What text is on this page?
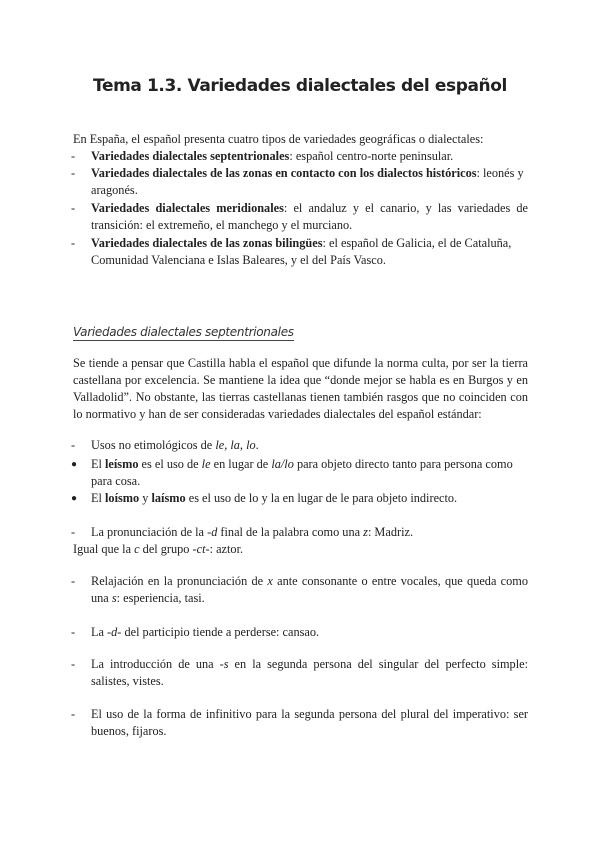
Tema 1.3. Variedades dialectales del español
En España, el español presenta cuatro tipos de variedades geográficas o dialectales:
-	Variedades dialectales septentrionales: español centro-norte peninsular.
-	Variedades dialectales de las zonas en contacto con los dialectos históricos: leonés y aragonés.
-	Variedades dialectales meridionales: el andaluz y el canario, y las variedades de transición: el extremeño, el manchego y el murciano.
-	Variedades dialectales de las zonas bilingües: el español de Galicia, el de Cataluña, Comunidad Valenciana e Islas Baleares, y el del País Vasco.
Variedades dialectales septentrionales
Se tiende a pensar que Castilla habla el español que difunde la norma culta, por ser la tierra castellana por excelencia. Se mantiene la idea que “donde mejor se habla es en Burgos y en Valladolid”. No obstante, las tierras castellanas tienen también rasgos que no coinciden con lo normativo y han de ser consideradas variedades dialectales del español estándar:
-	Usos no etimológicos de le, la, lo.
●	El leísmo es el uso de le en lugar de la/lo para objeto directo tanto para persona como para cosa.
●	El loísmo y laísmo es el uso de lo y la en lugar de le para objeto indirecto.
-	La pronunciación de la -d final de la palabra como una z: Madriz.
Igual que la c del grupo -ct-: aztor.
-	Relajación en la pronunciación de x ante consonante o entre vocales, que queda como una s: esperiencia, tasi.
-	La -d- del participio tiende a perderse: cansao.
-	La introducción de una -s en la segunda persona del singular del perfecto simple: salistes, vistes.
-	El uso de la forma de infinitivo para la segunda persona del plural del imperativo: ser buenos, fijaros.
